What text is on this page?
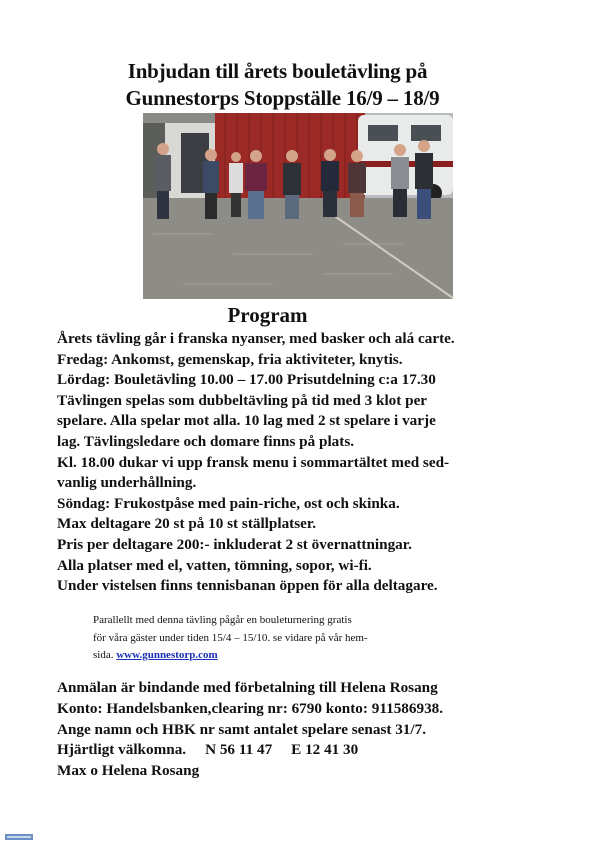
Inbjudan till årets bouletävling på
Gunnestorps Stoppställe 16/9 – 18/9
Program

Årets tävling går i franska nyanser, med basker och alá carte.

Fredag: Ankomst, gemenskap, fria aktiviteter, knytis.

Lördag: Bouletävling 10.00 – 17.00 Prisutdelning c:a 17.30

Tävlingen spelas som dubbeltävling på tid med 3 klot per

spelare. Alla spelar mot alla. 10 lag med 2 st spelare i varje

lag. Tävlingsledare och domare finns på plats.

Kl. 18.00 dukar vi upp fransk menu i sommartältet med sed-

vanlig underhållning.

Söndag: Frukostpåse med pain-riche, ost och skinka.

Max deltagare 20 st på 10 st ställplatser.

Pris per deltagare 200:- inkluderat 2 st övernattningar.

Alla platser med el, vatten, tömning, sopor, wi-fi.

Under vistelsen finns tennisbanan öppen för alla deltagare.

Parallellt med denna tävling pågår en bouleturnering gratis

för våra gäster under tiden 15/4 – 15/10. se vidare på vår hem-

sida. www.gunnestorp.com

Anmälan är bindande med förbetalning till Helena Rosang

Konto: Handelsbanken,clearing nr: 6790 konto: 911586938.

Ange namn och HBK nr samt antalet spelare senast 31/7.

Hjärtligt välkomna. N 56 11 47 E 12 41 30

Max o Helena Rosang
